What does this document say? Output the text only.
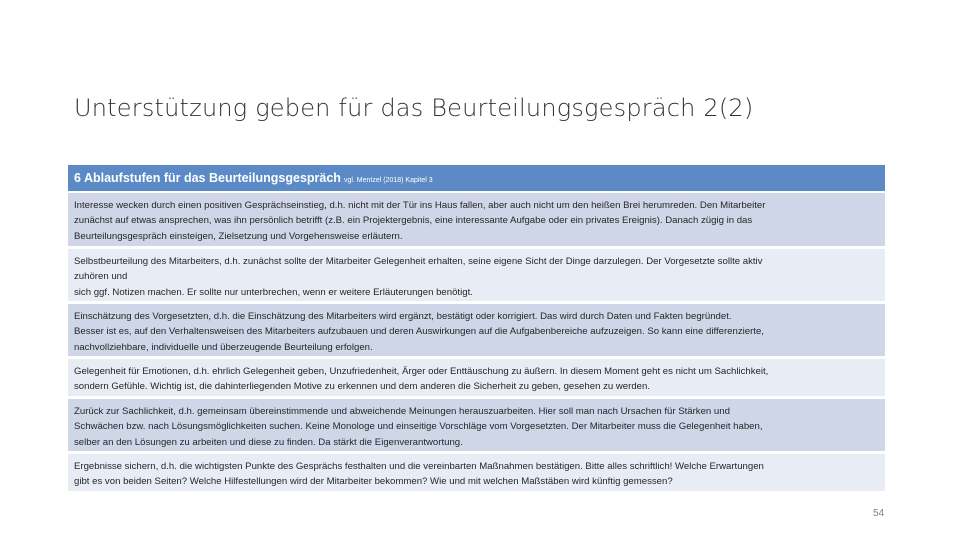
Unterstützung geben für das Beurteilungsgespräch 2(2)
6 Ablaufstufen für das Beurteilungsgespräch vgl. Mentzel (2018) Kapitel 3

Interesse wecken durch einen positiven Gesprächseinstieg, d.h. nicht mit der Tür ins Haus fallen, aber auch nicht um den heißen Brei herumreden. Den Mitarbeiter

zunächst auf etwas ansprechen, was ihn persönlich betrifft (z.B. ein Projektergebnis, eine interessante Aufgabe oder ein privates Ereignis). Danach zügig in das

Beurteilungsgespräch einsteigen, Zielsetzung und Vorgehensweise erläutern.

Selbstbeurteilung des Mitarbeiters, d.h. zunächst sollte der Mitarbeiter Gelegenheit erhalten, seine eigene Sicht der Dinge darzulegen. Der Vorgesetzte sollte aktiv

zuhören und

sich ggf. Notizen machen. Er sollte nur unterbrechen, wenn er weitere Erläuterungen benötigt.

Einschätzung des Vorgesetzten, d.h. die Einschätzung des Mitarbeiters wird ergänzt, bestätigt oder korrigiert. Das wird durch Daten und Fakten begründet.

Besser ist es, auf den Verhaltensweisen des Mitarbeiters aufzubauen und deren Auswirkungen auf die Aufgabenbereiche aufzuzeigen. So kann eine differenzierte,

nachvollziehbare, individuelle und überzeugende Beurteilung erfolgen.

Gelegenheit für Emotionen, d.h. ehrlich Gelegenheit geben, Unzufriedenheit, Ärger oder Enttäuschung zu äußern. In diesem Moment geht es nicht um Sachlichkeit,

sondern Gefühle. Wichtig ist, die dahinterliegenden Motive zu erkennen und dem anderen die Sicherheit zu geben, gesehen zu werden.

Zurück zur Sachlichkeit, d.h. gemeinsam übereinstimmende und abweichende Meinungen herauszuarbeiten. Hier soll man nach Ursachen für Stärken und

Schwächen bzw. nach Lösungsmöglichkeiten suchen. Keine Monologe und einseitige Vorschläge vom Vorgesetzten. Der Mitarbeiter muss die Gelegenheit haben,

selber an den Lösungen zu arbeiten und diese zu finden. Da stärkt die Eigenverantwortung.

Ergebnisse sichern, d.h. die wichtigsten Punkte des Gesprächs festhalten und die vereinbarten Maßnahmen bestätigen. Bitte alles schriftlich! Welche Erwartungen

gibt es von beiden Seiten? Welche Hilfestellungen wird der Mitarbeiter bekommen? Wie und mit welchen Maßstäben wird künftig gemessen?

54
